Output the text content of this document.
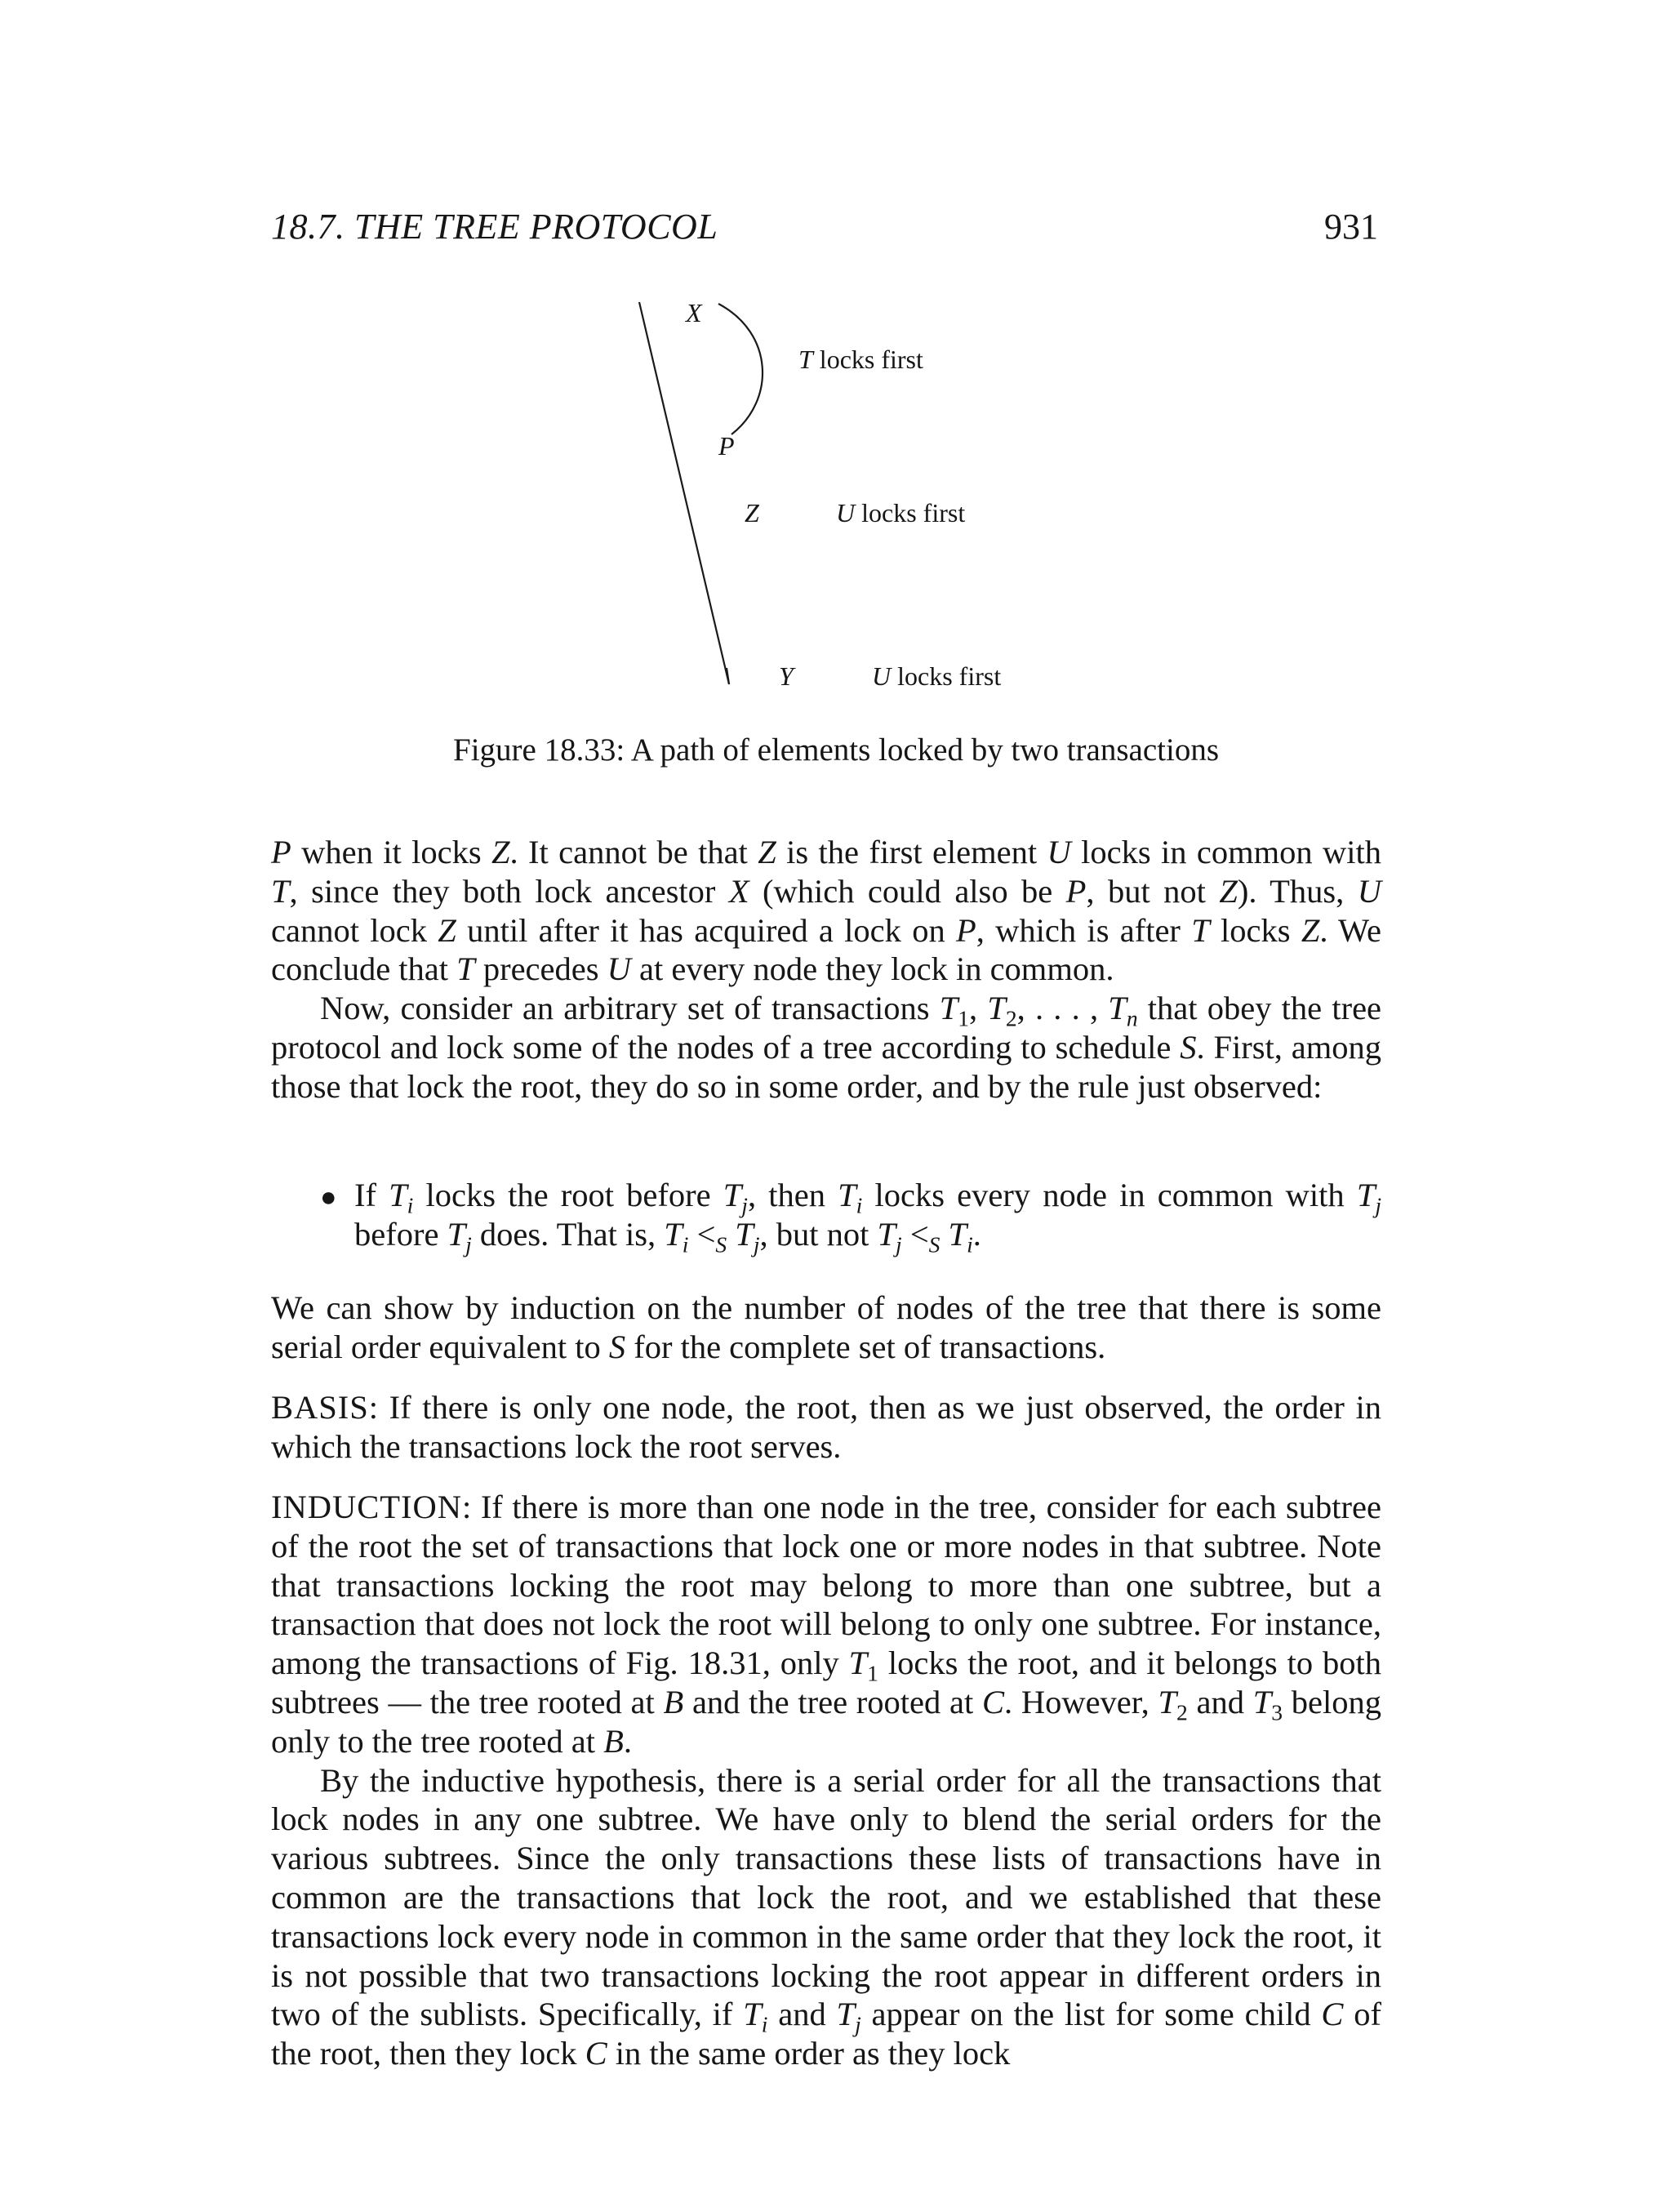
18.7. THE TREE PROTOCOL	931
X
P
Z
Y
T locks first
U locks first
U locks first
Figure 18.33: A path of elements locked by two transactions

P when it locks Z. It cannot be that Z is the first element U locks in common with T, since they both lock ancestor X (which could also be P, but not Z). Thus, U cannot lock Z until after it has acquired a lock on P, which is after T locks Z. We conclude that T precedes U at every node they lock in common.

Now, consider an arbitrary set of transactions $T_1$, $T_2$, . . . , $T_n$ that obey the tree protocol and lock some of the nodes of a tree according to schedule S. First, among those that lock the root, they do so in some order, and by the rule just observed:

● If $T_i$ locks the root before $T_j$, then $T_i$ locks every node in common with $T_j$ before $T_j$ does. That is, $T_i <_S$ $T_j$, but not $T_j <_S$ $T_i$.

We can show by induction on the number of nodes of the tree that there is some serial order equivalent to S for the complete set of transactions.

BASIS: If there is only one node, the root, then as we just observed, the order in which the transactions lock the root serves.

INDUCTION: If there is more than one node in the tree, consider for each subtree of the root the set of transactions that lock one or more nodes in that subtree. Note that transactions locking the root may belong to more than one subtree, but a transaction that does not lock the root will belong to only one subtree. For instance, among the transactions of Fig. 18.31, only $T_1$ locks the root, and it belongs to both subtrees — the tree rooted at B and the tree rooted at C. However, $T_2$ and $T_3$ belong only to the tree rooted at B.

By the inductive hypothesis, there is a serial order for all the transactions that lock nodes in any one subtree. We have only to blend the serial orders for the various subtrees. Since the only transactions these lists of transactions have in common are the transactions that lock the root, and we established that these transactions lock every node in common in the same order that they lock the root, it is not possible that two transactions locking the root appear in different orders in two of the sublists. Specifically, if $T_i$ and $T_j$ appear on the list for some child C of the root, then they lock C in the same order as they lock
